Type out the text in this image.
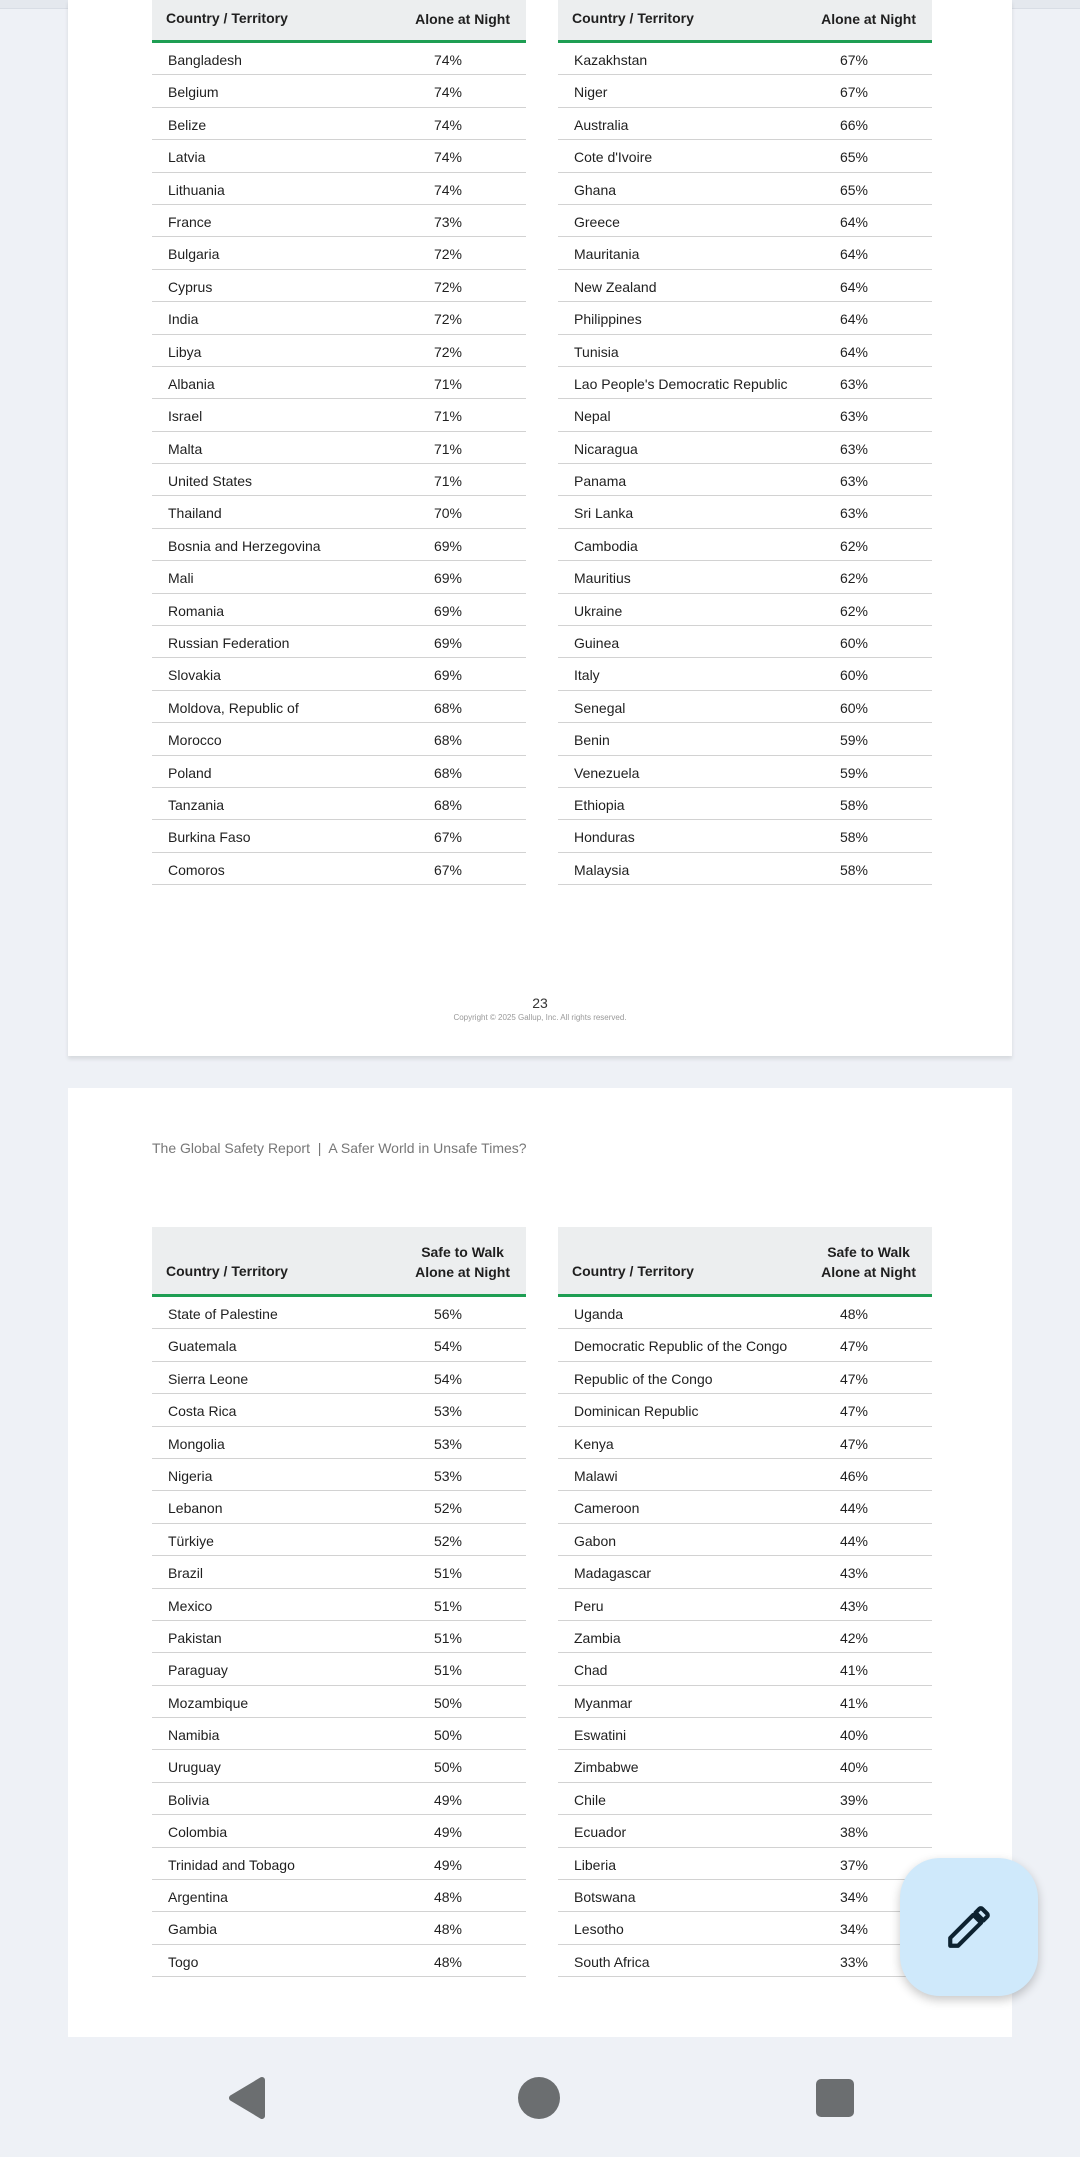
Country / Territory	Alone at Night
Bangladesh	74%
Belgium	74%
Belize	74%
Latvia	74%
Lithuania	74%
France	73%
Bulgaria	72%
Cyprus	72%
India	72%
Libya	72%
Albania	71%
Israel	71%
Malta	71%
United States	71%
Thailand	70%
Bosnia and Herzegovina	69%
Mali	69%
Romania	69%
Russian Federation	69%
Slovakia	69%
Moldova, Republic of	68%
Morocco	68%
Poland	68%
Tanzania	68%
Burkina Faso	67%
Comoros	67%
Country / Territory	Alone at Night
Kazakhstan	67%
Niger	67%
Australia	66%
Cote d'Ivoire	65%
Ghana	65%
Greece	64%
Mauritania	64%
New Zealand	64%
Philippines	64%
Tunisia	64%
Lao People's Democratic Republic	63%
Nepal	63%
Nicaragua	63%
Panama	63%
Sri Lanka	63%
Cambodia	62%
Mauritius	62%
Ukraine	62%
Guinea	60%
Italy	60%
Senegal	60%
Benin	59%
Venezuela	59%
Ethiopia	58%
Honduras	58%
Malaysia	58%
23
Copyright © 2025 Gallup, Inc. All rights reserved.
The Global Safety Report  |  A Safer World in Unsafe Times?
Country / Territory
Safe to Walk
Alone at Night
State of Palestine	56%
Guatemala	54%
Sierra Leone	54%
Costa Rica	53%
Mongolia	53%
Nigeria	53%
Lebanon	52%
Türkiye	52%
Brazil	51%
Mexico	51%
Pakistan	51%
Paraguay	51%
Mozambique	50%
Namibia	50%
Uruguay	50%
Bolivia	49%
Colombia	49%
Trinidad and Tobago	49%
Argentina	48%
Gambia	48%
Togo	48%
Country / Territory
Safe to Walk
Alone at Night
Uganda	48%
Democratic Republic of the Congo	47%
Republic of the Congo	47%
Dominican Republic	47%
Kenya	47%
Malawi	46%
Cameroon	44%
Gabon	44%
Madagascar	43%
Peru	43%
Zambia	42%
Chad	41%
Myanmar	41%
Eswatini	40%
Zimbabwe	40%
Chile	39%
Ecuador	38%
Liberia	37%
Botswana	34%
Lesotho	34%
South Africa	33%
